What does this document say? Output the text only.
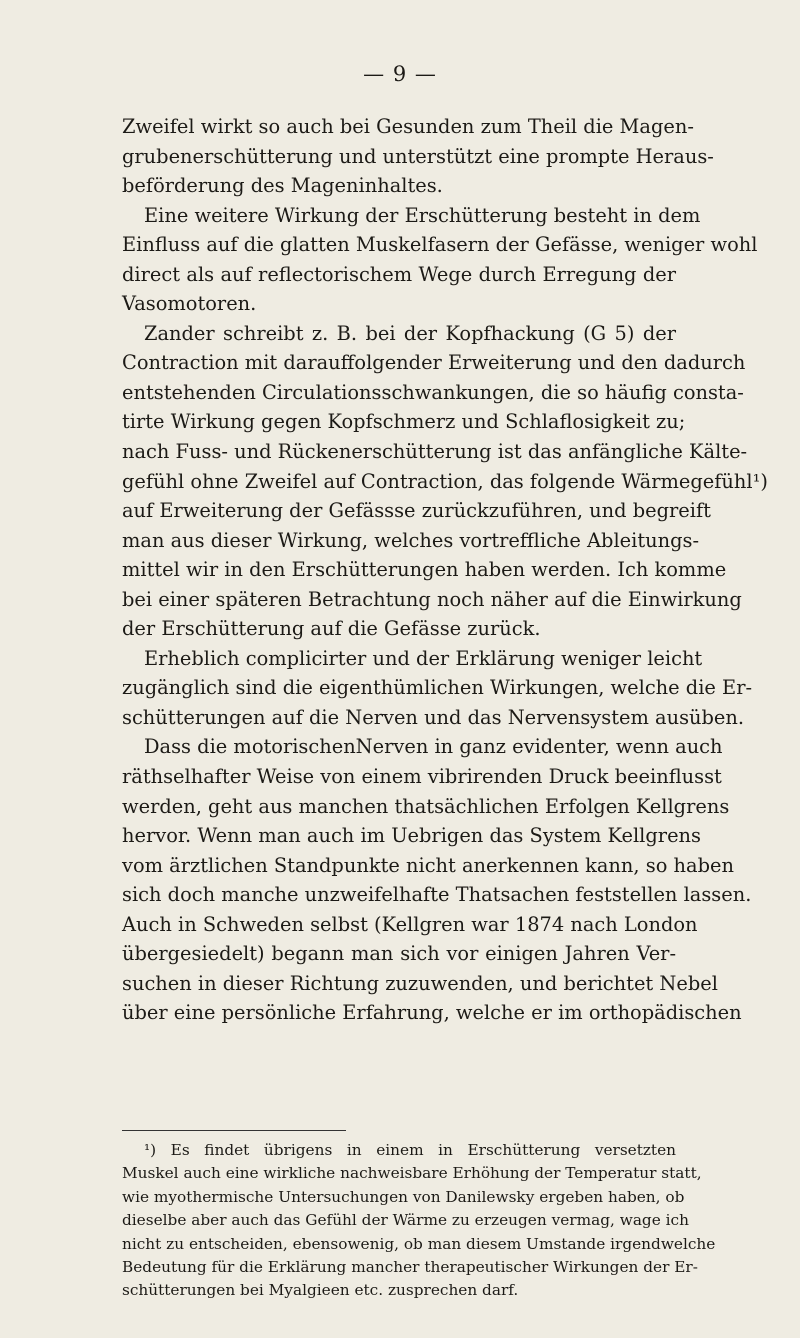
— 9 —
Zweifel wirkt so auch bei Gesunden zum Theil die Magen-
grubenerschütterung und unterstützt eine prompte Heraus-
beförderung des Mageninhaltes.
Eine weitere Wirkung der Erschütterung besteht in dem
Einfluss auf die glatten Muskelfasern der Gefässe, weniger wohl
direct als auf reflectorischem Wege durch Erregung der
Vasomotoren.
Zander schreibt z. B. bei der Kopfhackung (G 5) der
Contraction mit darauffolgender Erweiterung und den dadurch
entstehenden Circulationsschwankungen, die so häufig consta-
tirte Wirkung gegen Kopfschmerz und Schlaflosigkeit zu;
nach Fuss- und Rückenerschütterung ist das anfängliche Kälte-
gefühl ohne Zweifel auf Contraction, das folgende Wärmegefühl¹)
auf Erweiterung der Gefässse zurückzuführen, und begreift
man aus dieser Wirkung, welches vortreffliche Ableitungs-
mittel wir in den Erschütterungen haben werden. Ich komme
bei einer späteren Betrachtung noch näher auf die Einwirkung
der Erschütterung auf die Gefässe zurück.
Erheblich complicirter und der Erklärung weniger leicht
zugänglich sind die eigenthümlichen Wirkungen, welche die Er-
schütterungen auf die Nerven und das Nervensystem ausüben.
Dass die motorischenNerven in ganz evidenter, wenn auch
räthselhafter Weise von einem vibrirenden Druck beeinflusst
werden, geht aus manchen thatsächlichen Erfolgen Kellgrens
hervor. Wenn man auch im Uebrigen das System Kellgrens
vom ärztlichen Standpunkte nicht anerkennen kann, so haben
sich doch manche unzweifelhafte Thatsachen feststellen lassen.
Auch in Schweden selbst (Kellgren war 1874 nach London
übergesiedelt) begann man sich vor einigen Jahren Ver-
suchen in dieser Richtung zuzuwenden, und berichtet Nebel
über eine persönliche Erfahrung, welche er im orthopädischen
¹) Es findet übrigens in einem in Erschütterung versetzten
Muskel auch eine wirkliche nachweisbare Erhöhung der Temperatur statt,
wie myothermische Untersuchungen von Danilewsky ergeben haben, ob
dieselbe aber auch das Gefühl der Wärme zu erzeugen vermag, wage ich
nicht zu entscheiden, ebensowenig, ob man diesem Umstande irgendwelche
Bedeutung für die Erklärung mancher therapeutischer Wirkungen der Er-
schütterungen bei Myalgieen etc. zusprechen darf.
